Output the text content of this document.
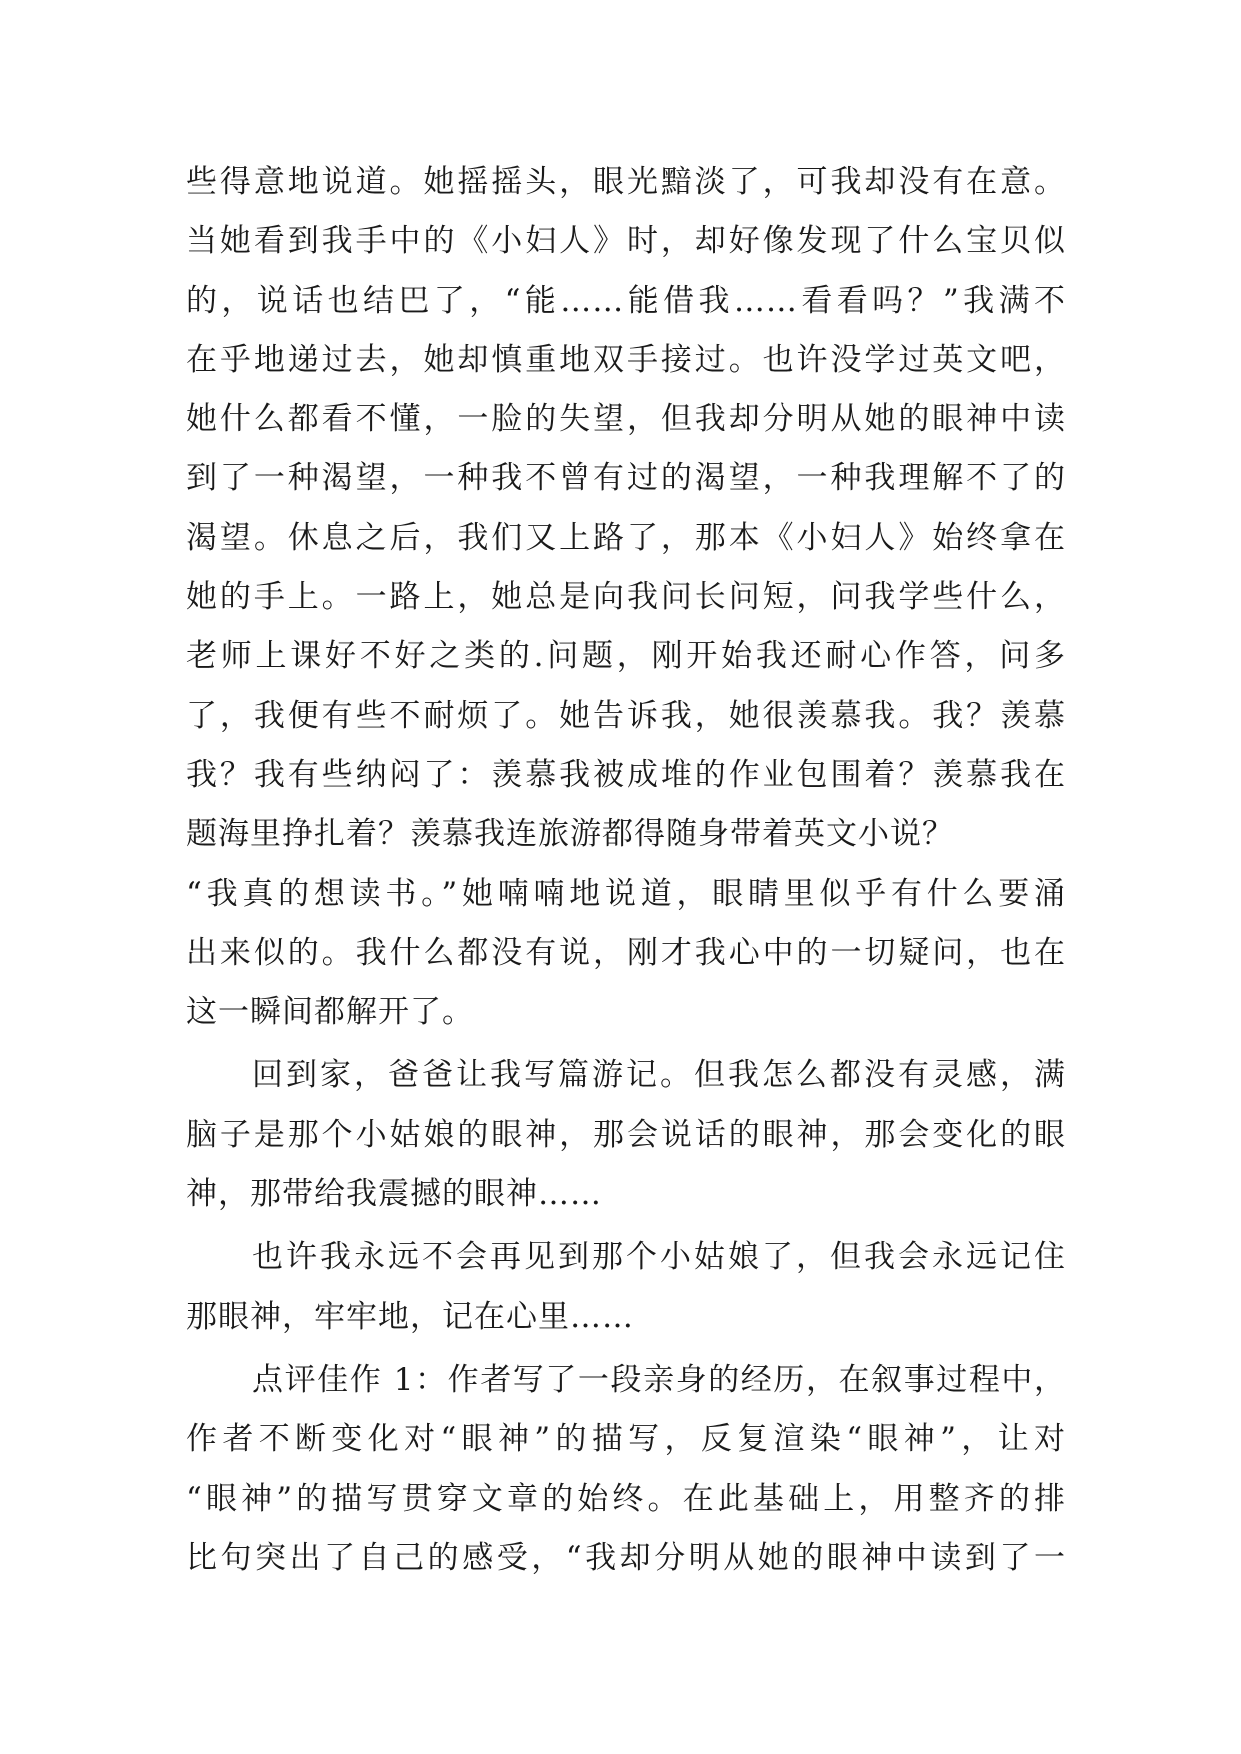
些得意地说道。她摇摇头，眼光黯淡了，可我却没有在意。
当她看到我手中的《小妇人》时，却好像发现了什么宝贝似
的，说话也结巴了，“能……能借我……看看吗？”我满不
在乎地递过去，她却慎重地双手接过。也许没学过英文吧，
她什么都看不懂，一脸的失望，但我却分明从她的眼神中读
到了一种渴望，一种我不曾有过的渴望，一种我理解不了的
渴望。休息之后，我们又上路了，那本《小妇人》始终拿在
她的手上。一路上，她总是向我问长问短，问我学些什么，
老师上课好不好之类的.问题，刚开始我还耐心作答，问多
了，我便有些不耐烦了。她告诉我，她很羡慕我。我？羡慕
我？我有些纳闷了：羡慕我被成堆的作业包围着？羡慕我在
题海里挣扎着？羡慕我连旅游都得随身带着英文小说？
“我真的想读书。”她喃喃地说道，眼睛里似乎有什么要涌
出来似的。我什么都没有说，刚才我心中的一切疑问，也在
这一瞬间都解开了。
回到家，爸爸让我写篇游记。但我怎么都没有灵感，满
脑子是那个小姑娘的眼神，那会说话的眼神，那会变化的眼
神，那带给我震撼的眼神……
也许我永远不会再见到那个小姑娘了，但我会永远记住
那眼神，牢牢地，记在心里……
点评佳作 1：作者写了一段亲身的经历，在叙事过程中，
作者不断变化对“眼神”的描写，反复渲染“眼神”，让对
“眼神”的描写贯穿文章的始终。在此基础上，用整齐的排
比句突出了自己的感受，“我却分明从她的眼神中读到了一
